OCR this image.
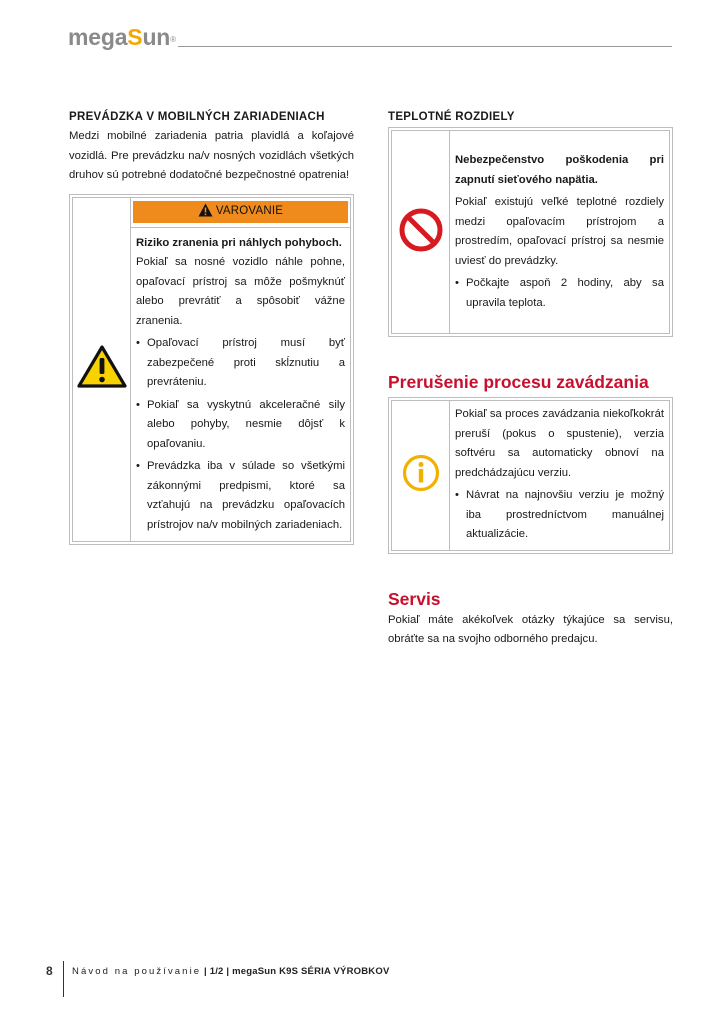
megaSun®
PREVÁDZKA V MOBILNÝCH ZARIADENIACH

Medzi mobilné zariadenia patria plavidlá a koľajové vozidlá. Pre prevádzku na/v nosných vozidlách všetkých druhov sú potrebné dodatočné bezpečnostné opatrenia!

VAROVANIE
Riziko zranenia pri náhlych pohyboch.

Pokiaľ sa nosné vozidlo náhle pohne, opaľovací prístroj sa môže pošmyknúť alebo prevrátiť a spôsobiť vážne zranenia.

• Opaľovací prístroj musí byť zabezpečené proti skĺznutiu a prevráteniu.
• Pokiaľ sa vyskytnú akceleračné sily alebo pohyby, nesmie dôjsť k opaľovaniu.
• Prevádzka iba v súlade so všetkými zákonnými predpismi, ktoré sa vzťahujú na prevádzku opaľovacích prístrojov na/v mobilných zariadeniach.
TEPLOTNÉ ROZDIELY
Nebezpečenstvo poškodenia pri zapnutí sieťového napätia.

Pokiaľ existujú veľké teplotné rozdiely medzi opaľovacím prístrojom a prostredím, opaľovací prístroj sa nesmie uviesť do prevádzky.

• Počkajte aspoň 2 hodiny, aby sa upravila teplota.
Prerušenie procesu zavádzania

Pokiaľ sa proces zavádzania niekoľkokrát preruší (pokus o spustenie), verzia softvéru sa automaticky obnoví na predchádzajúcu verziu.

• Návrat na najnovšiu verziu je možný iba prostredníctvom manuálnej aktualizácie.
Servis

Pokiaľ máte akékoľvek otázky týkajúce sa servisu, obráťte sa na svojho odborného predajcu.

8 Návod na používanie | 1/2 | megaSun K9S SÉRIA VÝROBKOV
